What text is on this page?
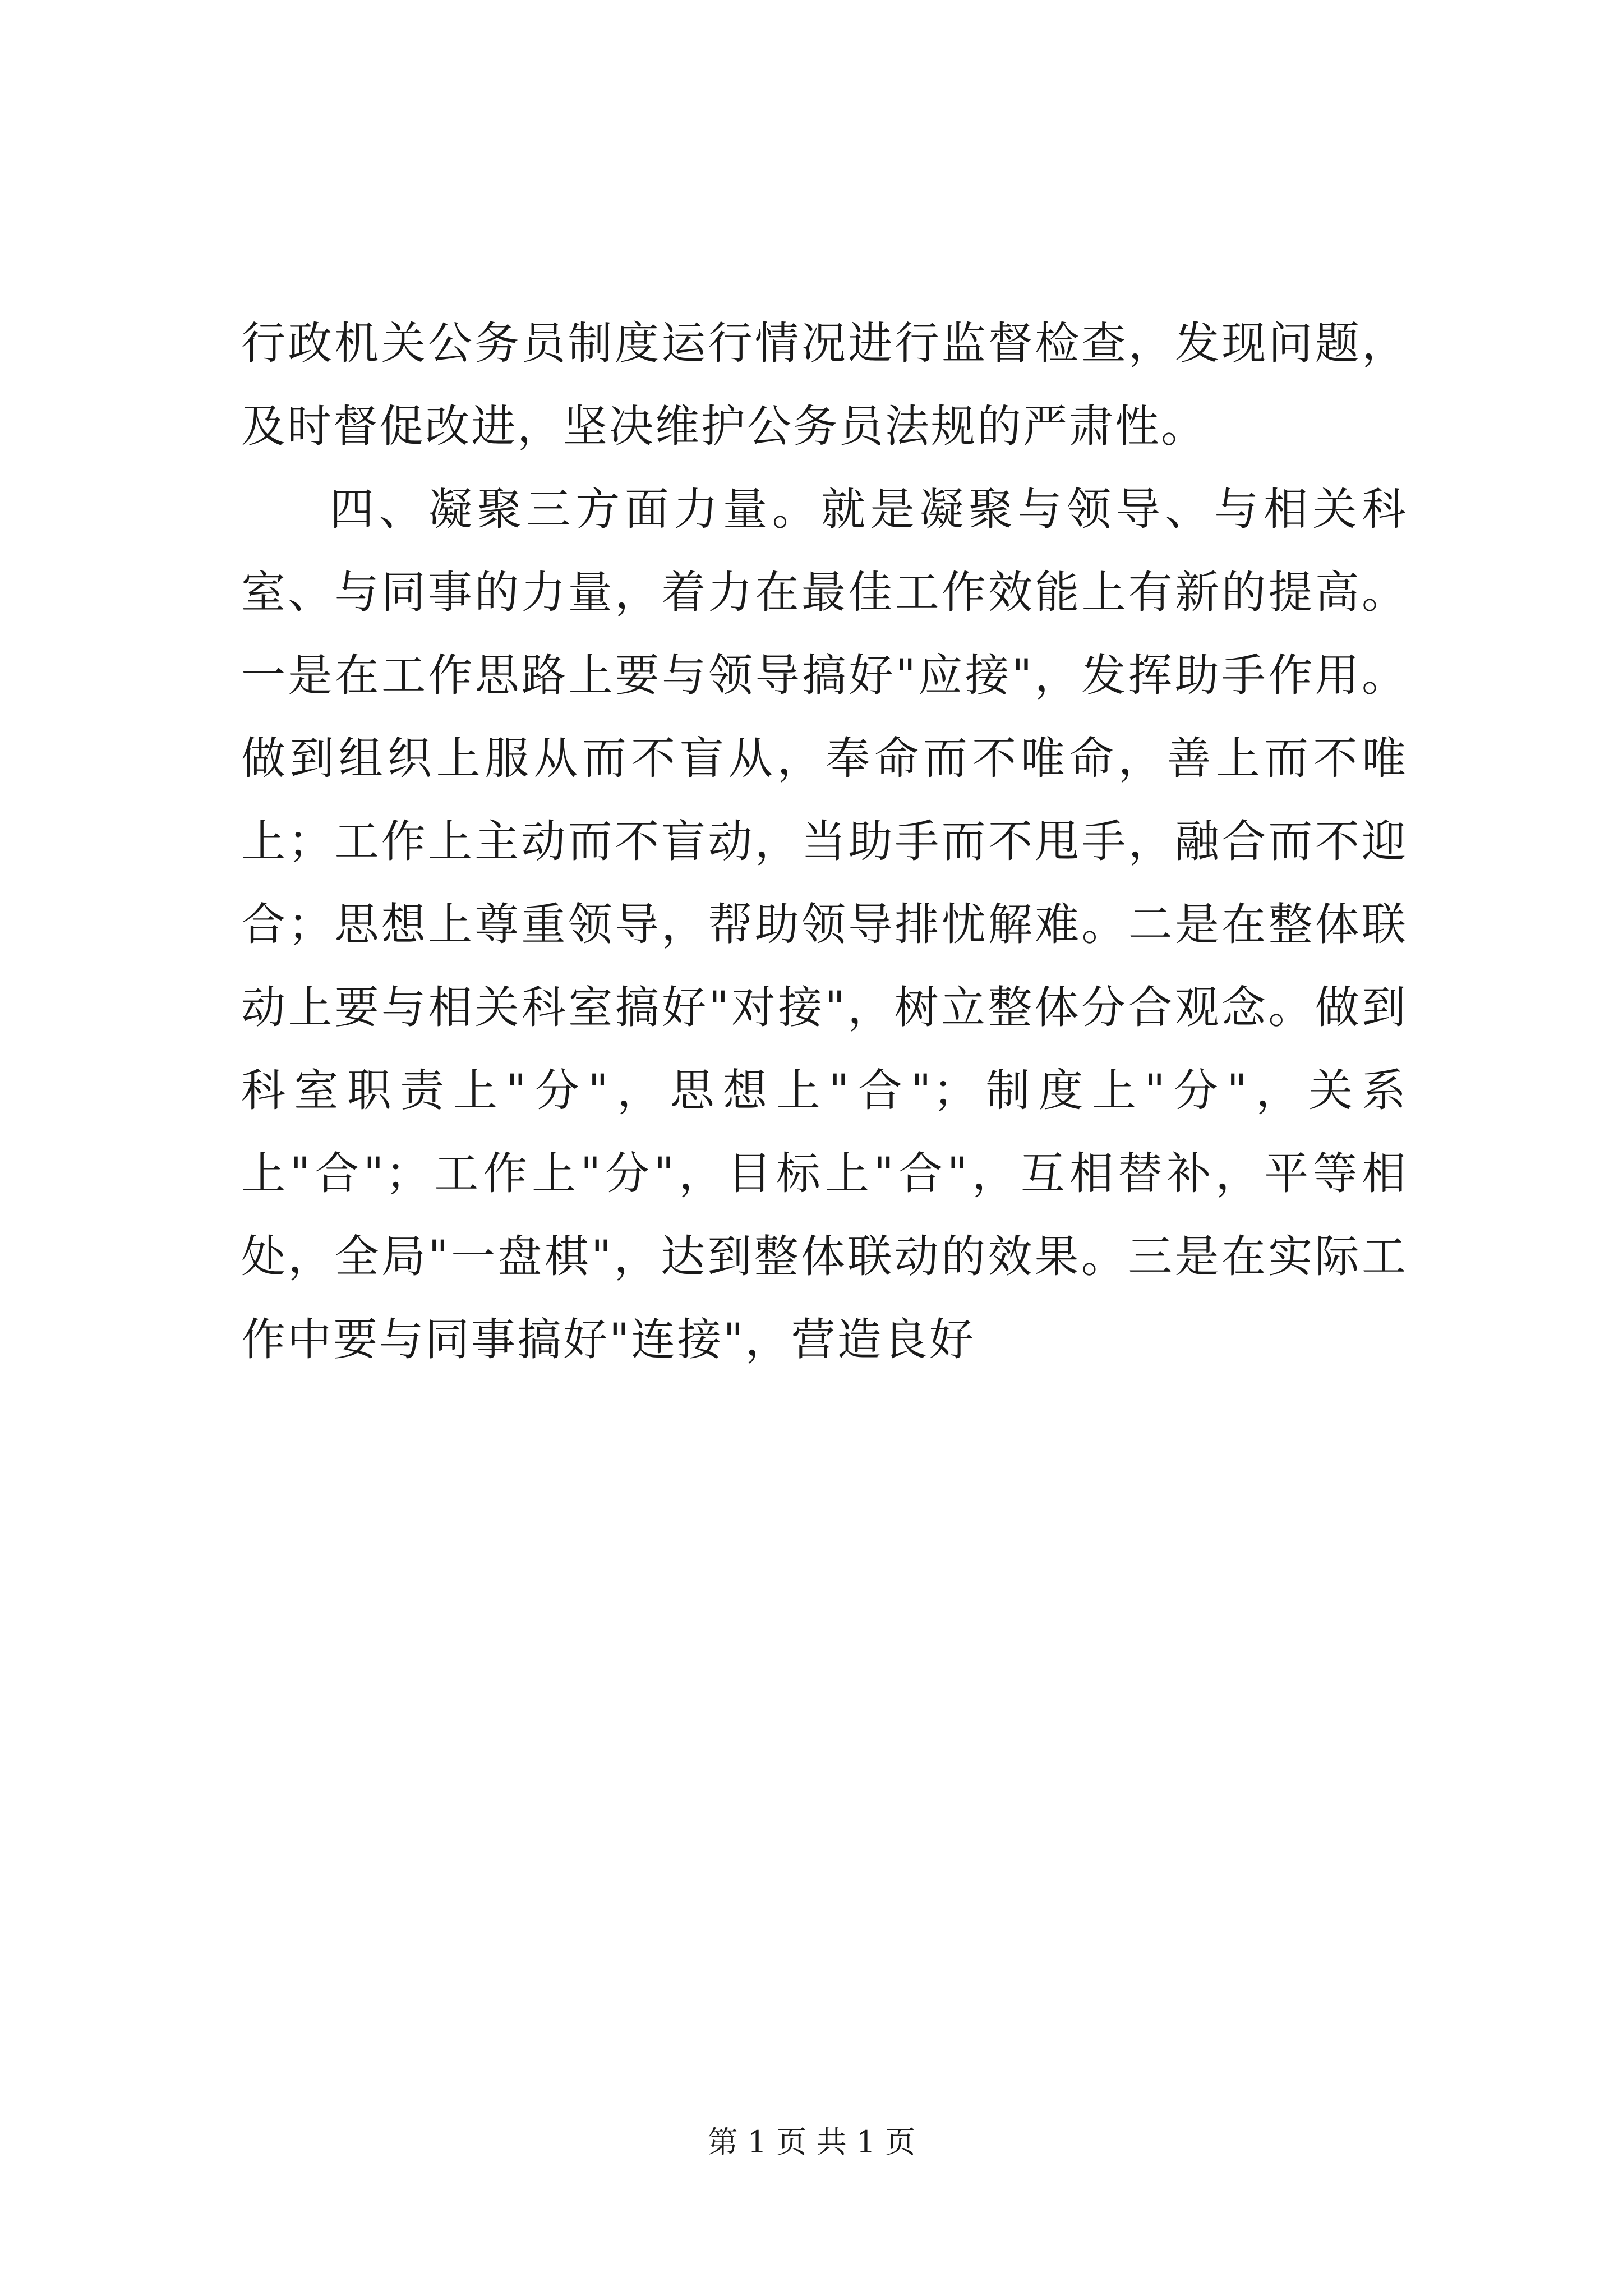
行政机关公务员制度运行情况进行监督检查，发现问题，及时督促改进，坚决维护公务员法规的严肃性。

四、凝聚三方面力量。就是凝聚与领导、与相关科室、与同事的力量，着力在最佳工作效能上有新的提高。一是在工作思路上要与领导搞好"应接"，发挥助手作用。做到组织上服从而不盲从，奉命而不唯命，善上而不唯上；工作上主动而不盲动，当助手而不甩手，融合而不迎合；思想上尊重领导，帮助领导排忧解难。二是在整体联动上要与相关科室搞好"对接"，树立整体分合观念。做到科室职责上"分"，思想上"合"；制度上"分"，关系上"合"；工作上"分"，目标上"合"，互相替补，平等相处，全局"一盘棋"，达到整体联动的效果。三是在实际工作中要与同事搞好"连接"，营造良好

第 1 页 共 1 页
